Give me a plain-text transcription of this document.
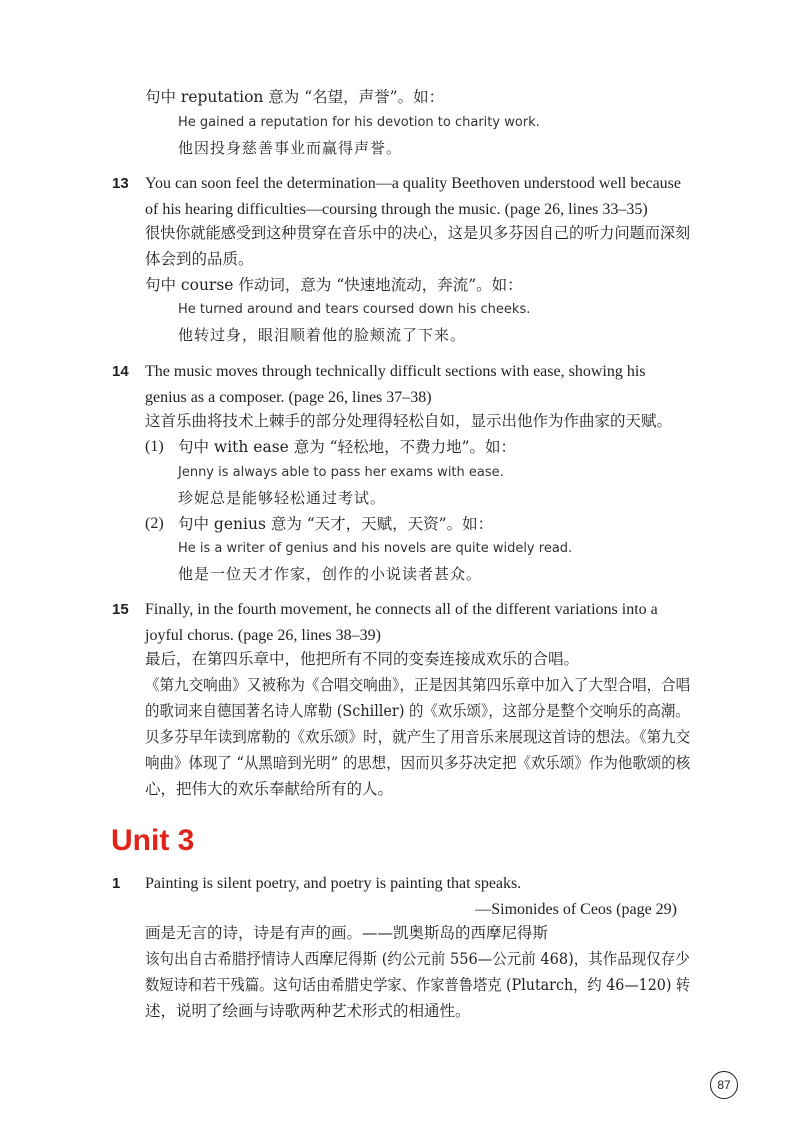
句中 reputation 意为 “名望，声誉”。如：
He gained a reputation for his devotion to charity work.
他因投身慈善事业而赢得声誉。
13 You can soon feel the determination—a quality Beethoven understood well because
of his hearing difficulties—coursing through the music. (page 26, lines 33–35)
很快你就能感受到这种贯穿在音乐中的决心，这是贝多芬因自己的听力问题而深刻
体会到的品质。
句中 course 作动词，意为 “快速地流动，奔流”。如：
He turned around and tears coursed down his cheeks.
他转过身，眼泪顺着他的脸颊流了下来。
14 The music moves through technically difficult sections with ease, showing his
genius as a composer. (page 26, lines 37–38)
这首乐曲将技术上棘手的部分处理得轻松自如，显示出他作为作曲家的天赋。
(1) 句中 with ease 意为 “轻松地，不费力地”。如：
Jenny is always able to pass her exams with ease.
珍妮总是能够轻松通过考试。
(2) 句中 genius 意为 “天才，天赋，天资”。如：
He is a writer of genius and his novels are quite widely read.
他是一位天才作家，创作的小说读者甚众。
15 Finally, in the fourth movement, he connects all of the different variations into a
joyful chorus. (page 26, lines 38–39)
最后，在第四乐章中，他把所有不同的变奏连接成欢乐的合唱。
《第九交响曲》又被称为《合唱交响曲》，正是因其第四乐章中加入了大型合唱，合唱
的歌词来自德国著名诗人席勒 (Schiller) 的《欢乐颂》，这部分是整个交响乐的高潮。
贝多芬早年读到席勒的《欢乐颂》时，就产生了用音乐来展现这首诗的想法。《第九交
响曲》体现了 “从黑暗到光明” 的思想，因而贝多芬决定把《欢乐颂》作为他歌颂的核
心，把伟大的欢乐奉献给所有的人。
Unit 3
1 Painting is silent poetry, and poetry is painting that speaks.
—Simonides of Ceos (page 29)
画是无言的诗，诗是有声的画。——凯奥斯岛的西摩尼得斯
该句出自古希腊抒情诗人西摩尼得斯 (约公元前 556—公元前 468)，其作品现仅存少
数短诗和若干残篇。这句话由希腊史学家、作家普鲁塔克 (Plutarch，约 46—120) 转
述，说明了绘画与诗歌两种艺术形式的相通性。
87
